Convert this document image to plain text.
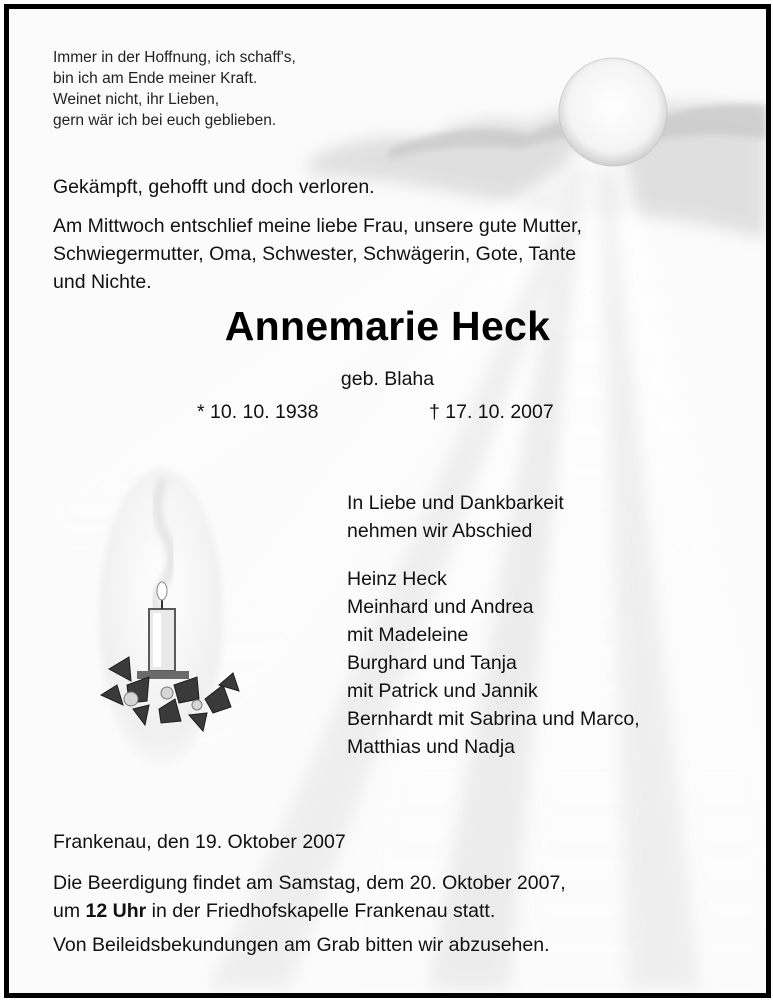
Immer in der Hoffnung, ich schaff's,
bin ich am Ende meiner Kraft.
Weinet nicht, ihr Lieben,
gern wär ich bei euch geblieben.
Gekämpft, gehofft und doch verloren.
Am Mittwoch entschlief meine liebe Frau, unsere gute Mutter,
Schwiegermutter, Oma, Schwester, Schwägerin, Gote, Tante
und Nichte.
Annemarie Heck
geb. Blaha
* 10. 10. 1938	† 17. 10. 2007
In Liebe und Dankbarkeit
nehmen wir Abschied
Heinz Heck
Meinhard und Andrea
mit Madeleine
Burghard und Tanja
mit Patrick und Jannik
Bernhardt mit Sabrina und Marco,
Matthias und Nadja
Frankenau, den 19. Oktober 2007
Die Beerdigung findet am Samstag, dem 20. Oktober 2007,
um 12 Uhr in der Friedhofskapelle Frankenau statt.
Von Beileidsbekundungen am Grab bitten wir abzusehen.
